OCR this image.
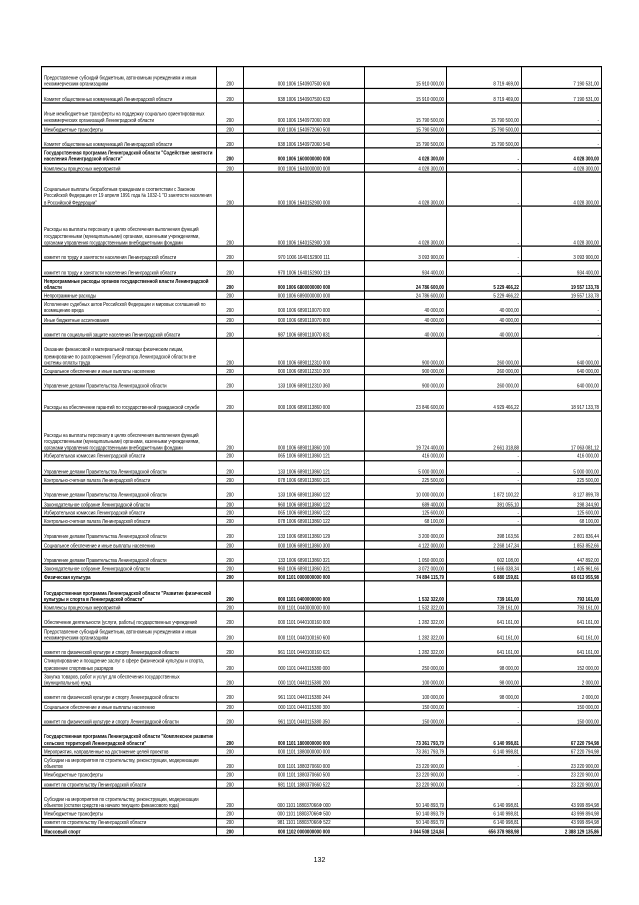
Предоставление субсидий бюджетным, автономным учреждениям и иным некоммерческим организациям	200	000 1006 1540907500 600	15 910 000,00	8 719 469,00	7 190 531,00
Комитет общественных коммуникаций Ленинградской области	200	938 1006 1540907500 633	15 910 000,00	8 719 469,00	7 190 531,00
Иные межбюджетные трансферты на поддержку социально ориентированных некоммерческих организаций Ленинградской области	200	000 1006 1540972060 000	15 790 500,00	15 790 500,00	-
Межбюджетные трансферты	200	000 1006 1540972060 500	15 790 500,00	15 790 500,00	-
Комитет общественных коммуникаций Ленинградской области	200	938 1006 1540972060 540	15 790 500,00	15 790 500,00	-
Государственная программа Ленинградской области "Содействие занятости населения Ленинградской области"	200	000 1006 1600000000 000	4 028 300,00	-	4 028 300,00
Комплексы процессных мероприятий	200	000 1006 1640000000 000	4 028 300,00	-	4 028 300,00
Социальные выплаты безработным гражданам в соответствии с Законом Российской Федерации от 19 апреля 1991 года № 1032-1 "О занятости населения в Российской Федерации"	200	000 1006 1640152900 000	4 028 300,00	-	4 028 300,00
Расходы на выплаты персоналу в целях обеспечения выполнения функций государственными (муниципальными) органами, казенными учреждениями, органами управления государственными внебюджетными фондами	200	000 1006 1640152900 100	4 028 300,00	-	4 028 300,00
комитет по труду и занятости населения Ленинградской области	200	970 1006 1640152900 111	3 093 900,00	-	3 093 900,00
комитет по труду и занятости населения Ленинградской области	200	970 1006 1640152900 119	934 400,00	-	934 400,00
Непрограммные расходы органов государственной власти Ленинградской области	200	000 1006 6800000000 000	24 786 600,00	5 229 466,22	19 557 133,78
Непрограммные расходы	200	000 1006 6890000000 000	24 786 600,00	5 229 466,22	19 557 133,78
Исполнение судебных актов Российской Федерации и мировых соглашений по возмещению вреда	200	000 1006 6890110070 000	40 000,00	40 000,00	-
Иные бюджетные ассигнования	200	000 1006 6890110070 800	40 000,00	40 000,00	-
комитет по социальной защите населения Ленинградской области	200	987 1006 6890110070 831	40 000,00	40 000,00	-
Оказание финансовой и материальной помощи физическим лицам, премирование по распоряжению Губернатора Ленинградской области вне системы оплаты труда	200	000 1006 6890112310 000	900 000,00	260 000,00	640 000,00
Социальное обеспечение и иные выплаты населению	200	000 1006 6890112310 300	900 000,00	260 000,00	640 000,00
Управление делами Правительства Ленинградской области	200	133 1006 6890112310 360	900 000,00	260 000,00	640 000,00
Расходы на обеспечение гарантий по государственной гражданской службе	200	000 1006 6890113860 000	23 846 600,00	4 929 466,22	18 917 133,78
Расходы на выплаты персоналу в целях обеспечения выполнения функций государственными (муниципальными) органами, казенными учреждениями, органами управления государственными внебюджетными фондами	200	000 1006 6890113860 100	19 724 400,00	2 661 318,88	17 063 081,12
Избирательная комиссия Ленинградской области	200	065 1006 6890113860 121	416 000,00	-	416 000,00
Управление делами Правительства Ленинградской области	200	133 1006 6890113860 121	5 000 000,00	-	5 000 000,00
Контрольно-счетная палата Ленинградской области	200	078 1006 6890113860 121	225 500,00	-	225 500,00
Управление делами Правительства Ленинградской области	200	133 1006 6890113860 122	10 000 000,00	1 872 100,22	8 127 899,78
Законодательное собрание Ленинградской области	200	960 1006 6890113860 122	689 400,00	391 055,10	298 344,90
Избирательная комиссия Ленинградской области	200	065 1006 6890113860 122	125 600,00	-	125 600,00
Контрольно-счетная палата Ленинградской области	200	078 1006 6890113860 122	68 100,00	-	68 100,00
Управление делами Правительства Ленинградской области	200	133 1006 6890113860 129	3 200 000,00	398 163,56	2 801 836,44
Социальное обеспечение и иные выплаты населению	200	000 1006 6890113860 300	4 122 000,00	2 268 147,34	1 853 852,66
Управление делами Правительства Ленинградской области	200	133 1006 6890113860 321	1 050 000,00	602 108,00	447 892,00
Законодательное собрание Ленинградской области	200	960 1006 6890113860 321	3 072 000,00	1 666 038,34	1 405 961,66
Физическая культура	200	000 1101 0000000000 000	74 894 115,79	6 880 159,81	68 013 955,98
Государственная программа Ленинградской области "Развитие физической культуры и спорта в Ленинградской области"	200	000 1101 0400000000 000	1 532 322,00	739 161,00	793 161,00
Комплексы процессных мероприятий	200	000 1101 0440000000 000	1 532 322,00	739 161,00	793 161,00
Обеспечение деятельности (услуги, работы) государственных учреждений	200	000 1101 0440100160 000	1 282 322,00	641 161,00	641 161,00
Предоставление субсидий бюджетным, автономным учреждениям и иным некоммерческим организациям	200	000 1101 0440100160 600	1 282 322,00	641 161,00	641 161,00
комитет по физической культуре и спорту Ленинградской области	200	961 1101 0440100160 621	1 282 322,00	641 161,00	641 161,00
Стимулирование и поощрение заслуг в сфере физической культуры и спорта, присвоение спортивных разрядов	200	000 1101 0440115380 000	250 000,00	98 000,00	152 000,00
Закупка товаров, работ и услуг для обеспечения государственных (муниципальных) нужд	200	000 1101 0440115380 200	100 000,00	98 000,00	2 000,00
комитет по физической культуре и спорту Ленинградской области	200	961 1101 0440115380 244	100 000,00	98 000,00	2 000,00
Социальное обеспечение и иные выплаты населению	200	000 1101 0440115380 300	150 000,00	-	150 000,00
комитет по физической культуре и спорту Ленинградской области	200	961 1101 0440115380 350	150 000,00	-	150 000,00
Государственная программа Ленинградской области "Комплексное развитие сельских территорий Ленинградской области"	200	000 1101 1800000000 000	73 361 793,79	6 140 998,81	67 220 794,98
Мероприятия, направленные на достижение целей проектов	200	000 1101 1880000000 000	73 361 793,79	6 140 998,81	67 220 794,98
Субсидии на мероприятия по строительству, реконструкции, модернизации объектов	200	000 1101 1880370660 000	23 220 900,00	-	23 220 900,00
Межбюджетные трансферты	200	000 1101 1880370660 500	23 220 900,00	-	23 220 900,00
комитет по строительству Ленинградской области	200	981 1101 1880370660 522	23 220 900,00	-	23 220 900,00
Субсидии на мероприятия по строительству, реконструкции, модернизации объектов (остатки средств на начало текущего финансового года)	200	000 1101 188037066Ф 000	50 140 893,79	6 140 998,81	43 999 894,98
Межбюджетные трансферты	200	000 1101 188037066Ф 500	50 140 893,79	6 140 998,81	43 999 894,98
комитет по строительству Ленинградской области	200	981 1101 188037066Ф 522	50 140 893,79	6 140 998,81	43 999 894,98
Массовый спорт	200	000 1102 0000000000 000	3 044 508 124,84	656 378 988,98	2 388 129 135,86
132
